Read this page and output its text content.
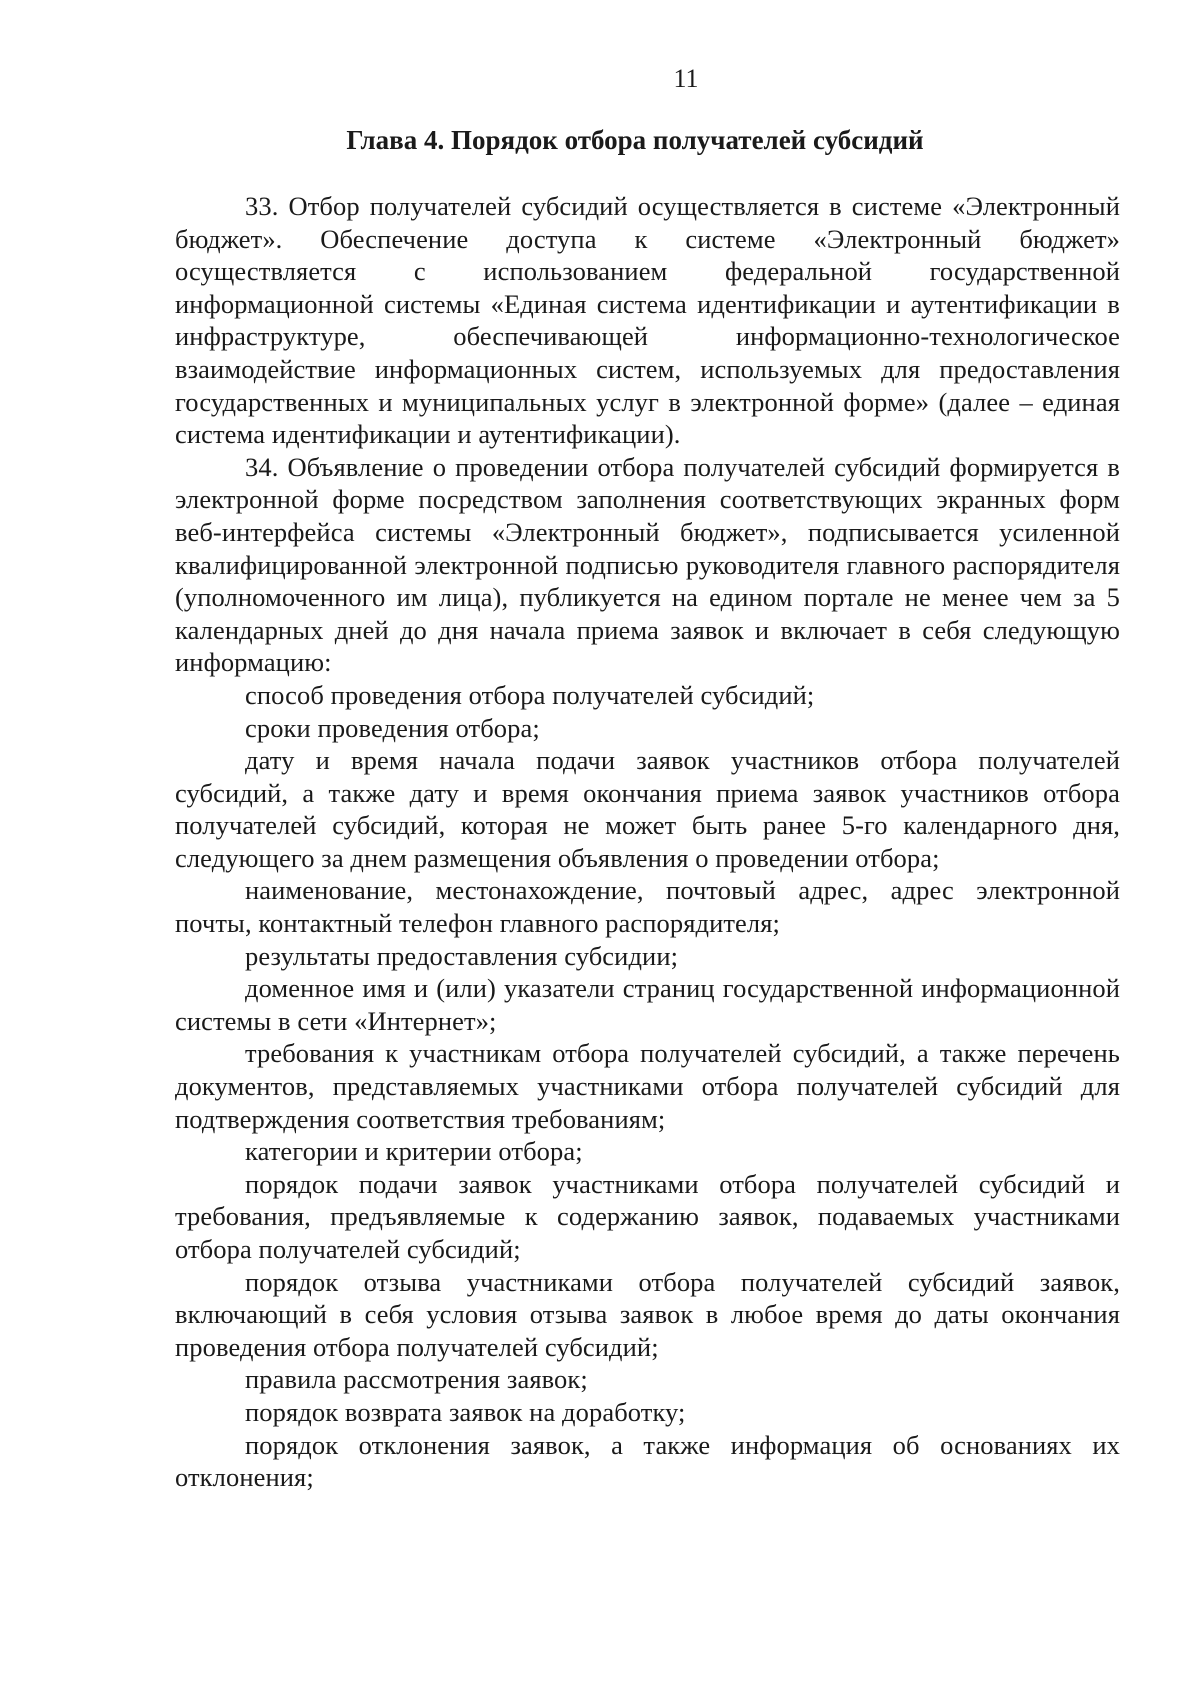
11
Глава 4. Порядок отбора получателей субсидий

33. Отбор получателей субсидий осуществляется в системе «Электронный бюджет». Обеспечение доступа к системе «Электронный бюджет» осуществляется с использованием федеральной государственной информационной системы «Единая система идентификации и аутентификации в инфраструктуре, обеспечивающей информационно-технологическое взаимодействие информационных систем, используемых для предоставления государственных и муниципальных услуг в электронной форме» (далее – единая система идентификации и аутентификации).

34. Объявление о проведении отбора получателей субсидий формируется в электронной форме посредством заполнения соответствующих экранных форм веб-интерфейса системы «Электронный бюджет», подписывается усиленной квалифицированной электронной подписью руководителя главного распорядителя (уполномоченного им лица), публикуется на едином портале не менее чем за 5 календарных дней до дня начала приема заявок и включает в себя следующую информацию:

способ проведения отбора получателей субсидий;

сроки проведения отбора;

дату и время начала подачи заявок участников отбора получателей субсидий, а также дату и время окончания приема заявок участников отбора получателей субсидий, которая не может быть ранее 5-го календарного дня, следующего за днем размещения объявления о проведении отбора;

наименование, местонахождение, почтовый адрес, адрес электронной почты, контактный телефон главного распорядителя;

результаты предоставления субсидии;

доменное имя и (или) указатели страниц государственной информационной системы в сети «Интернет»;

требования к участникам отбора получателей субсидий, а также перечень документов, представляемых участниками отбора получателей субсидий для подтверждения соответствия требованиям;

категории и критерии отбора;

порядок подачи заявок участниками отбора получателей субсидий и требования, предъявляемые к содержанию заявок, подаваемых участниками отбора получателей субсидий;

порядок отзыва участниками отбора получателей субсидий заявок, включающий в себя условия отзыва заявок в любое время до даты окончания проведения отбора получателей субсидий;

правила рассмотрения заявок;

порядок возврата заявок на доработку;

порядок отклонения заявок, а также информация об основаниях их отклонения;
